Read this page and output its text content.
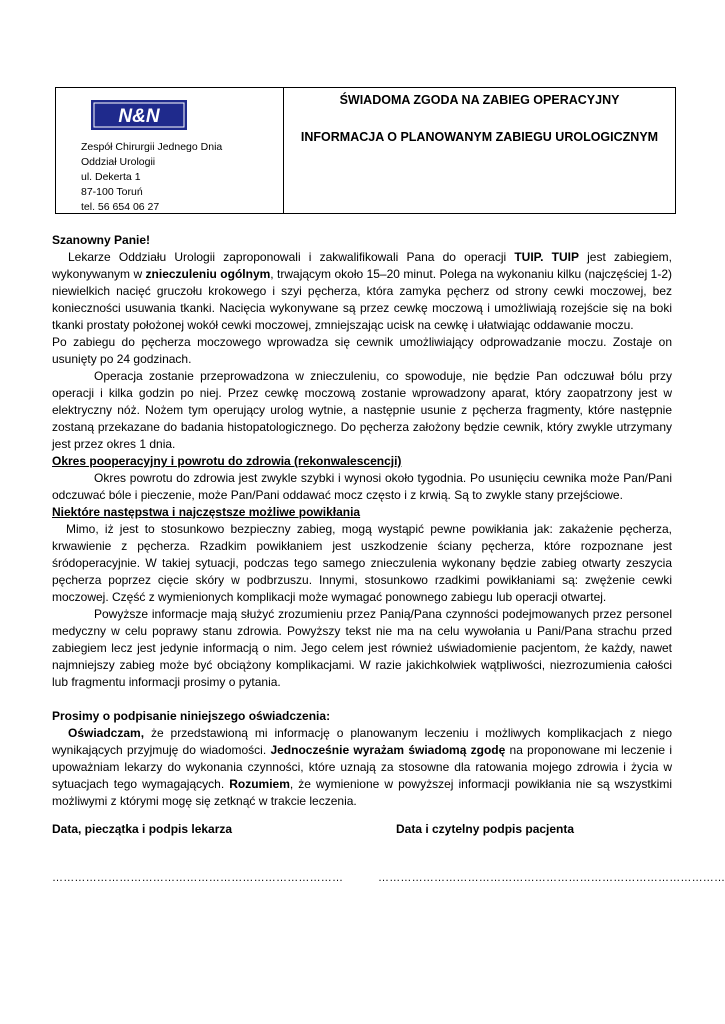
N&N
Zespół Chirurgii Jednego Dnia
Oddział Urologii
ul. Dekerta 1
87-100 Toruń
tel. 56 654 06 27
ŚWIADOMA ZGODA NA ZABIEG OPERACYJNY
INFORMACJA O PLANOWANYM ZABIEGU UROLOGICZNYM

Szanowny Panie!

Lekarze Oddziału Urologii zaproponowali i zakwalifikowali Pana do operacji TUIP. TUIP jest zabiegiem, wykonywanym w znieczuleniu ogólnym, trwającym około 15–20 minut. Polega na wykonaniu kilku (najczęściej 1-2) niewielkich nacięć gruczołu krokowego i szyi pęcherza, która zamyka pęcherz od strony cewki moczowej, bez konieczności usuwania tkanki. Nacięcia wykonywane są przez cewkę moczową i umożliwiają rozejście się na boki tkanki prostaty położonej wokół cewki moczowej, zmniejszając ucisk na cewkę i ułatwiając oddawanie moczu.

Po zabiegu do pęcherza moczowego wprowadza się cewnik umożliwiający odprowadzanie moczu. Zostaje on usunięty po 24 godzinach.

Operacja zostanie przeprowadzona w znieczuleniu, co spowoduje, nie będzie Pan odczuwał bólu przy operacji i kilka godzin po niej. Przez cewkę moczową zostanie wprowadzony aparat, który zaopatrzony jest w elektryczny nóż. Nożem tym operujący urolog wytnie, a następnie usunie z pęcherza fragmenty, które następnie zostaną przekazane do badania histopatologicznego. Do pęcherza założony będzie cewnik, który zwykle utrzymany jest przez okres 1 dnia.

Okres pooperacyjny i powrotu do zdrowia (rekonwalescencji)

Okres powrotu do zdrowia jest zwykle szybki i wynosi około tygodnia. Po usunięciu cewnika może Pan/Pani odczuwać bóle i pieczenie, może Pan/Pani oddawać mocz często i z krwią. Są to zwykle stany przejściowe.

Niektóre następstwa i najczęstsze możliwe powikłania

Mimo, iż jest to stosunkowo bezpieczny zabieg, mogą wystąpić pewne powikłania jak: zakażenie pęcherza, krwawienie z pęcherza. Rzadkim powikłaniem jest uszkodzenie ściany pęcherza, które rozpoznane jest śródoperacyjnie. W takiej sytuacji, podczas tego samego znieczulenia wykonany będzie zabieg otwarty zeszycia pęcherza poprzez cięcie skóry w podbrzuszu. Innymi, stosunkowo rzadkimi powikłaniami są: zwężenie cewki moczowej. Część z wymienionych komplikacji może wymagać ponownego zabiegu lub operacji otwartej.

Powyższe informacje mają służyć zrozumieniu przez Panią/Pana czynności podejmowanych przez personel medyczny w celu poprawy stanu zdrowia. Powyższy tekst nie ma na celu wywołania u Pani/Pana strachu przed zabiegiem lecz jest jedynie informacją o nim. Jego celem jest również uświadomienie pacjentom, że każdy, nawet najmniejszy zabieg może być obciążony komplikacjami. W razie jakichkolwiek wątpliwości, niezrozumienia całości lub fragmentu informacji prosimy o pytania.

Prosimy o podpisanie niniejszego oświadczenia:

Oświadczam, że przedstawioną mi informację o planowanym leczeniu i możliwych komplikacjach z niego wynikających przyjmuję do wiadomości. Jednocześnie wyrażam świadomą zgodę na proponowane mi leczenie i upoważniam lekarzy do wykonania czynności, które uznają za stosowne dla ratowania mojego zdrowia i życia w sytuacjach tego wymagających. Rozumiem, że wymienione w powyższej informacji powikłania nie są wszystkimi możliwymi z którymi mogę się zetknąć w trakcie leczenia.

Data, pieczątka i podpis lekarza	Data i czytelny podpis pacjenta
……………………………………………………………………	…………………………………………………………………………………
